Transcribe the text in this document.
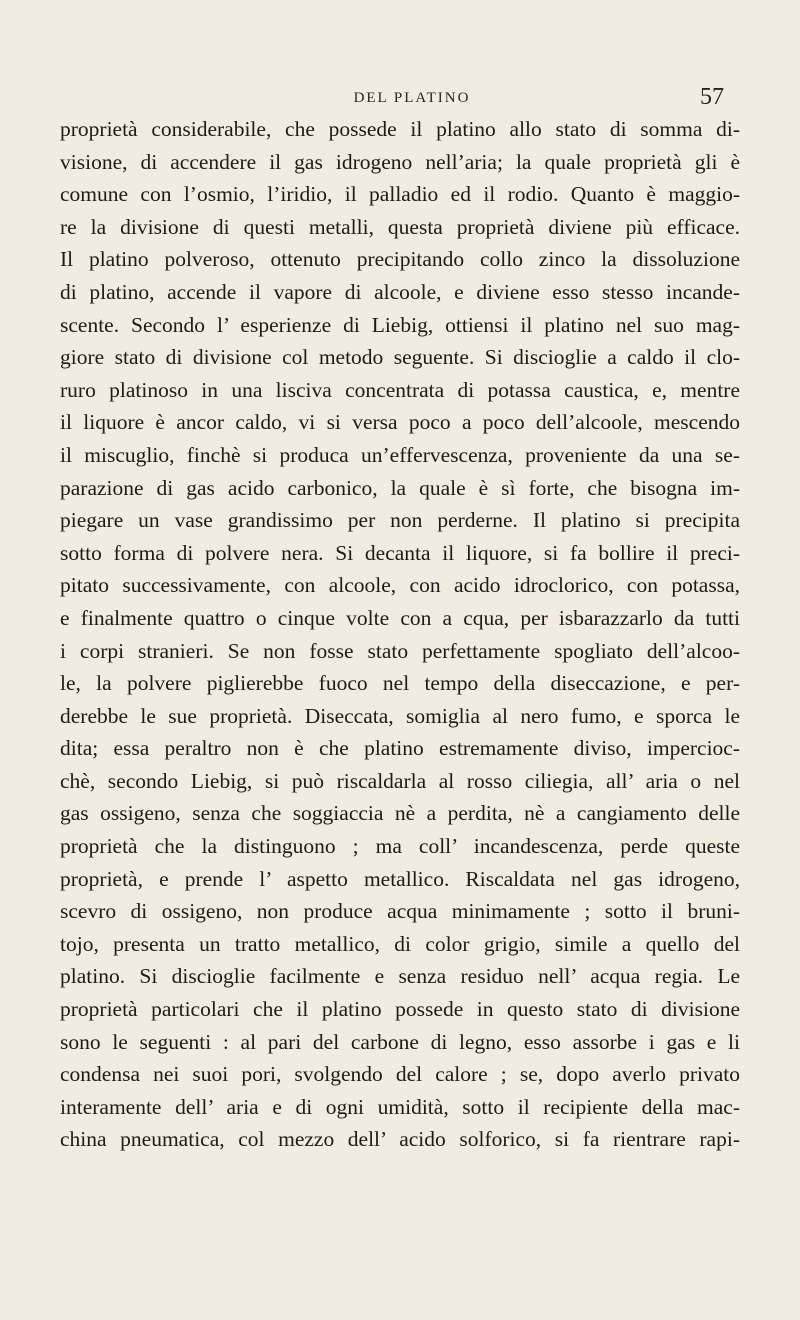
DEL PLATINO	57
proprietà considerabile, che possede il platino allo stato di somma di-
visione, di accendere il gas idrogeno nell’aria; la quale proprietà gli è
comune con l’osmio, l’iridio, il palladio ed il rodio. Quanto è maggio-
re la divisione di questi metalli, questa proprietà diviene più efficace.
Il platino polveroso, ottenuto precipitando collo zinco la dissoluzione
di platino, accende il vapore di alcoole, e diviene esso stesso incande-
scente. Secondo l’ esperienze di Liebig, ottiensi il platino nel suo mag-
giore stato di divisione col metodo seguente. Si discioglie a caldo il clo-
ruro platinoso in una lisciva concentrata di potassa caustica, e, mentre
il liquore è ancor caldo, vi si versa poco a poco dell’alcoole, mescendo
il miscuglio, finchè si produca un’effervescenza, proveniente da una se-
parazione di gas acido carbonico, la quale è sì forte, che bisogna im-
piegare un vase grandissimo per non perderne. Il platino si precipita
sotto forma di polvere nera. Si decanta il liquore, si fa bollire il preci-
pitato successivamente, con alcoole, con acido idroclorico, con potassa,
e finalmente quattro o cinque volte con a cqua, per isbarazzarlo da tutti
i corpi stranieri. Se non fosse stato perfettamente spogliato dell’alcoo-
le, la polvere piglierebbe fuoco nel tempo della diseccazione, e per-
derebbe le sue proprietà. Diseccata, somiglia al nero fumo, e sporca le
dita; essa peraltro non è che platino estremamente diviso, impercioc-
chè, secondo Liebig, si può riscaldarla al rosso ciliegia, all’ aria o nel
gas ossigeno, senza che soggiaccia nè a perdita, nè a cangiamento delle
proprietà che la distinguono ; ma coll’ incandescenza, perde queste
proprietà, e prende l’ aspetto metallico. Riscaldata nel gas idrogeno,
scevro di ossigeno, non produce acqua minimamente ; sotto il bruni-
tojo, presenta un tratto metallico, di color grigio, simile a quello del
platino. Si discioglie facilmente e senza residuo nell’ acqua regia. Le
proprietà particolari che il platino possede in questo stato di divisione
sono le seguenti : al pari del carbone di legno, esso assorbe i gas e li
condensa nei suoi pori, svolgendo del calore ; se, dopo averlo privato
interamente dell’ aria e di ogni umidità, sotto il recipiente della mac-
china pneumatica, col mezzo dell’ acido solforico, si fa rientrare rapi-
